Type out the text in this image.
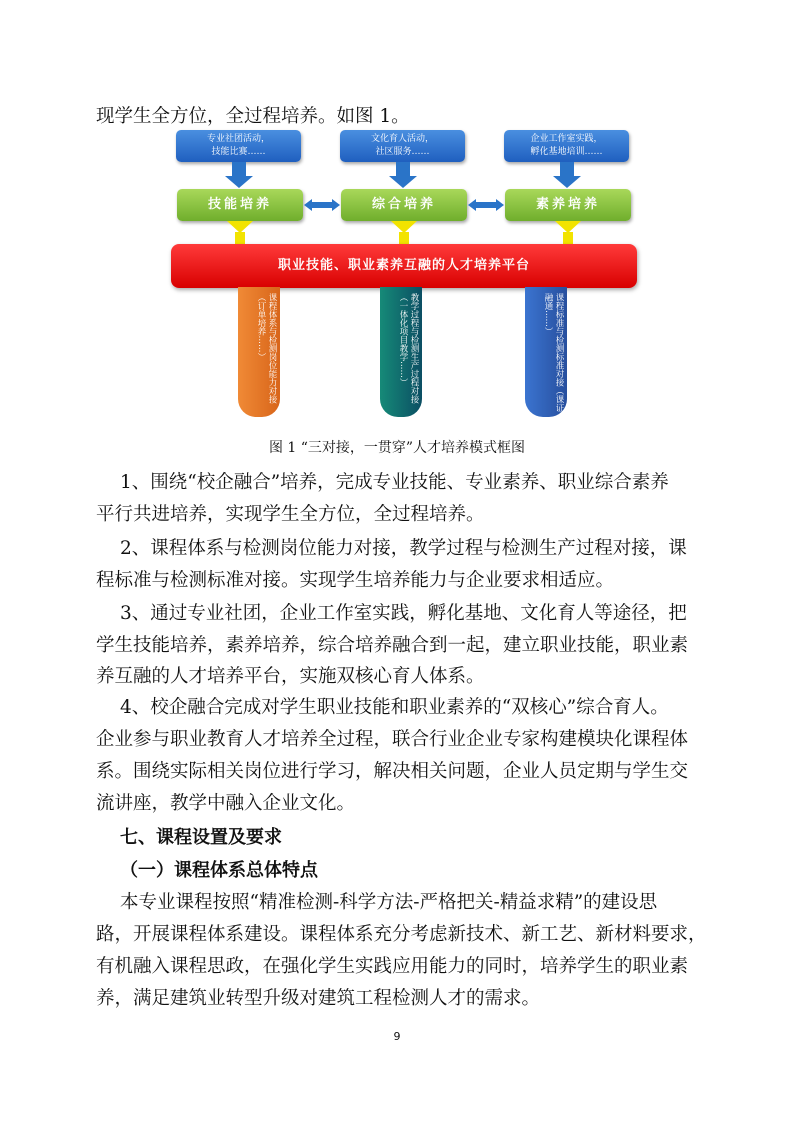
现学生全方位，全过程培养。如图 1。
专业社团活动，
技能比赛……
文化育人活动，
社区服务……
企业工作室实践，
孵化基地培训……
技能培养	综合培养	素养培养
职业技能、职业素养互融的人才培养平台
课程体系与检测岗位能力对接（订单培养……）	教学过程与检测生产过程对接（一体化项目教学……）	课程标准与检测标准对接（课证融通……）
图 1 “三对接，一贯穿”人才培养模式框图
1、围绕“校企融合”培养，完成专业技能、专业素养、职业综合素养
平行共进培养，实现学生全方位，全过程培养。
2、课程体系与检测岗位能力对接，教学过程与检测生产过程对接，课
程标准与检测标准对接。实现学生培养能力与企业要求相适应。
3、通过专业社团，企业工作室实践，孵化基地、文化育人等途径，把
学生技能培养，素养培养，综合培养融合到一起，建立职业技能，职业素
养互融的人才培养平台，实施双核心育人体系。
4、校企融合完成对学生职业技能和职业素养的“双核心”综合育人。
企业参与职业教育人才培养全过程，联合行业企业专家构建模块化课程体
系。围绕实际相关岗位进行学习，解决相关问题，企业人员定期与学生交
流讲座，教学中融入企业文化。
七、课程设置及要求
（一）课程体系总体特点
本专业课程按照“精准检测-科学方法-严格把关-精益求精”的建设思
路，开展课程体系建设。课程体系充分考虑新技术、新工艺、新材料要求，
有机融入课程思政，在强化学生实践应用能力的同时，培养学生的职业素
养，满足建筑业转型升级对建筑工程检测人才的需求。
9
